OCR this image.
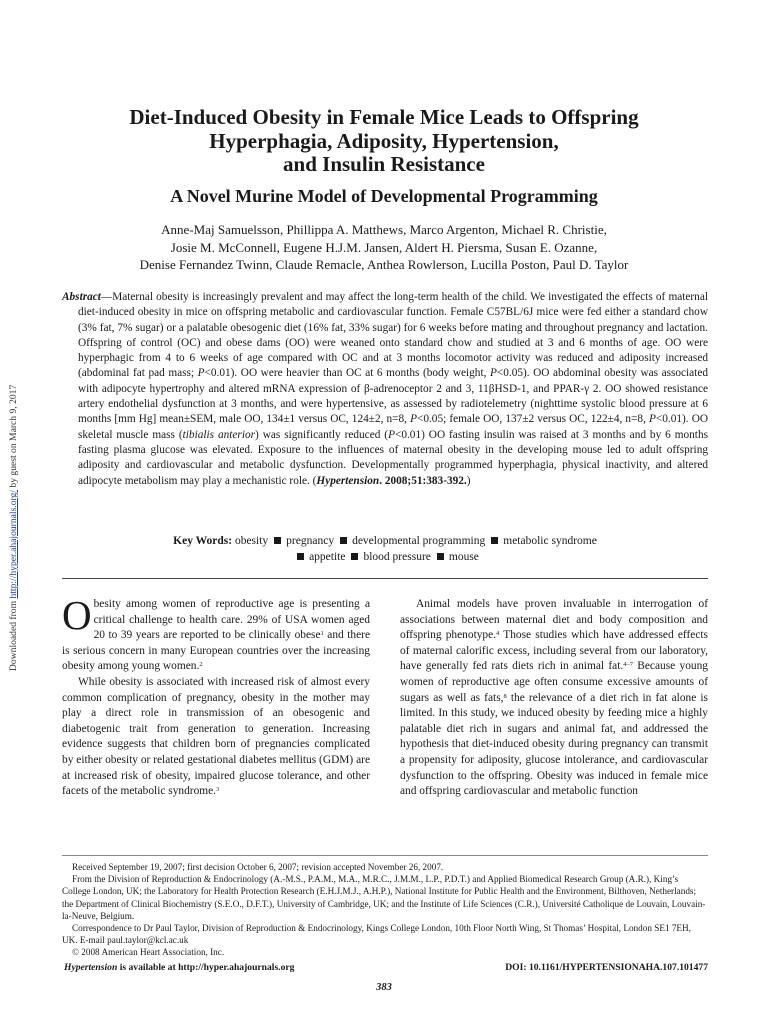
Downloaded from http://hyper.ahajournals.org/ by guest on March 9, 2017
Diet-Induced Obesity in Female Mice Leads to Offspring
Hyperphagia, Adiposity, Hypertension,
and Insulin Resistance
A Novel Murine Model of Developmental Programming
Anne-Maj Samuelsson, Phillippa A. Matthews, Marco Argenton, Michael R. Christie,
Josie M. McConnell, Eugene H.J.M. Jansen, Aldert H. Piersma, Susan E. Ozanne,
Denise Fernandez Twinn, Claude Remacle, Anthea Rowlerson, Lucilla Poston, Paul D. Taylor

Abstract—Maternal obesity is increasingly prevalent and may affect the long-term health of the child. We investigated the effects of maternal diet-induced obesity in mice on offspring metabolic and cardiovascular function. Female C57BL/6J mice were fed either a standard chow (3% fat, 7% sugar) or a palatable obesogenic diet (16% fat, 33% sugar) for 6 weeks before mating and throughout pregnancy and lactation. Offspring of control (OC) and obese dams (OO) were weaned onto standard chow and studied at 3 and 6 months of age. OO were hyperphagic from 4 to 6 weeks of age compared with OC and at 3 months locomotor activity was reduced and adiposity increased (abdominal fat pad mass; P<0.01). OO were heavier than OC at 6 months (body weight, P<0.05). OO abdominal obesity was associated with adipocyte hypertrophy and altered mRNA expression of β-adrenoceptor 2 and 3, 11βHSD-1, and PPAR-γ 2. OO showed resistance artery endothelial dysfunction at 3 months, and were hypertensive, as assessed by radiotelemetry (nighttime systolic blood pressure at 6 months [mm Hg] mean±SEM, male OO, 134±1 versus OC, 124±2, n=8, P<0.05; female OO, 137±2 versus OC, 122±4, n=8, P<0.01). OO skeletal muscle mass (tibialis anterior) was significantly reduced (P<0.01) OO fasting insulin was raised at 3 months and by 6 months fasting plasma glucose was elevated. Exposure to the influences of maternal obesity in the developing mouse led to adult offspring adiposity and cardiovascular and metabolic dysfunction. Developmentally programmed hyperphagia, physical inactivity, and altered adipocyte metabolism may play a mechanistic role. (Hypertension. 2008;51:383-392.)

Key Words: obesity pregnancy developmental programming metabolic syndrome
appetite blood pressure mouse

Obesity among women of reproductive age is presenting a critical challenge to health care. 29% of USA women aged 20 to 39 years are reported to be clinically obese$^1$ and there is serious concern in many European countries over the increasing obesity among young women.$^2$

While obesity is associated with increased risk of almost every common complication of pregnancy, obesity in the mother may play a direct role in transmission of an obesogenic and diabetogenic trait from generation to generation. Increasing evidence suggests that children born of pregnancies complicated by either obesity or related gestational diabetes mellitus (GDM) are at increased risk of obesity, impaired glucose tolerance, and other facets of the metabolic syndrome.$^3$

Animal models have proven invaluable in interrogation of associations between maternal diet and body composition and offspring phenotype.$^4$ Those studies which have addressed effects of maternal calorific excess, including several from our laboratory, have generally fed rats diets rich in animal fat.$^{4-7}$ Because young women of reproductive age often consume excessive amounts of sugars as well as fats,$^8$ the relevance of a diet rich in fat alone is limited. In this study, we induced obesity by feeding mice a highly palatable diet rich in sugars and animal fat, and addressed the hypothesis that diet-induced obesity during pregnancy can transmit a propensity for adiposity, glucose intolerance, and cardiovascular dysfunction to the offspring. Obesity was induced in female mice and offspring cardiovascular and metabolic function

Received September 19, 2007; first decision October 6, 2007; revision accepted November 26, 2007.

From the Division of Reproduction & Endocrinology (A.-M.S., P.A.M., M.A., M.R.C., J.M.M., L.P., P.D.T.) and Applied Biomedical Research Group (A.R.), King’s College London, UK; the Laboratory for Health Protection Research (E.H.J.M.J., A.H.P.), National Institute for Public Health and the Environment, Bilthoven, Netherlands; the Department of Clinical Biochemistry (S.E.O., D.F.T.), University of Cambridge, UK; and the Institute of Life Sciences (C.R.), Université Catholique de Louvain, Louvain-la-Neuve, Belgium.

Correspondence to Dr Paul Taylor, Division of Reproduction & Endocrinology, Kings College London, 10th Floor North Wing, St Thomas’ Hospital, London SE1 7EH, UK. E-mail paul.taylor@kcl.ac.uk

© 2008 American Heart Association, Inc.

Hypertension is available at http://hyper.ahajournals.org	DOI: 10.1161/HYPERTENSIONAHA.107.101477
383
